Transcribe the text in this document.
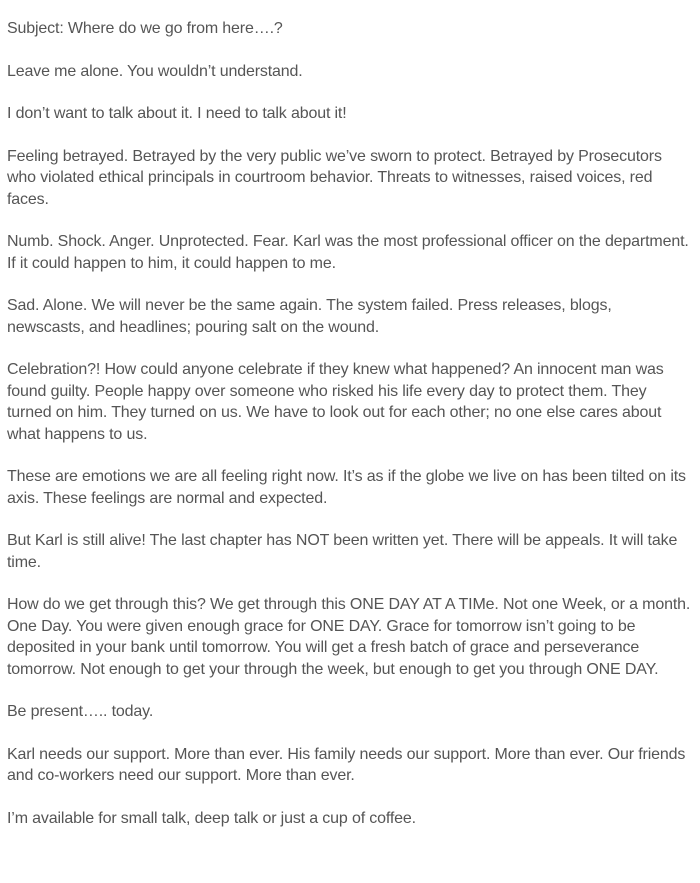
Subject: Where do we go from here….?

Leave me alone. You wouldn’t understand.

I don’t want to talk about it. I need to talk about it!

Feeling betrayed. Betrayed by the very public we’ve sworn to protect. Betrayed by Prosecutors who violated ethical principals in courtroom behavior. Threats to witnesses, raised voices, red faces.

Numb. Shock. Anger. Unprotected. Fear. Karl was the most professional officer on the department. If it could happen to him, it could happen to me.

Sad. Alone. We will never be the same again. The system failed. Press releases, blogs, newscasts, and headlines; pouring salt on the wound.

Celebration?! How could anyone celebrate if they knew what happened? An innocent man was found guilty. People happy over someone who risked his life every day to protect them. They turned on him. They turned on us. We have to look out for each other; no one else cares about what happens to us.

These are emotions we are all feeling right now. It’s as if the globe we live on has been tilted on its axis. These feelings are normal and expected.

But Karl is still alive! The last chapter has NOT been written yet. There will be appeals. It will take time.

How do we get through this? We get through this ONE DAY AT A TIMe. Not one Week, or a month. One Day. You were given enough grace for ONE DAY. Grace for tomorrow isn’t going to be deposited in your bank until tomorrow. You will get a fresh batch of grace and perseverance tomorrow. Not enough to get your through the week, but enough to get you through ONE DAY.

Be present….. today.

Karl needs our support. More than ever. His family needs our support. More than ever. Our friends and co-workers need our support. More than ever.

I’m available for small talk, deep talk or just a cup of coffee.
